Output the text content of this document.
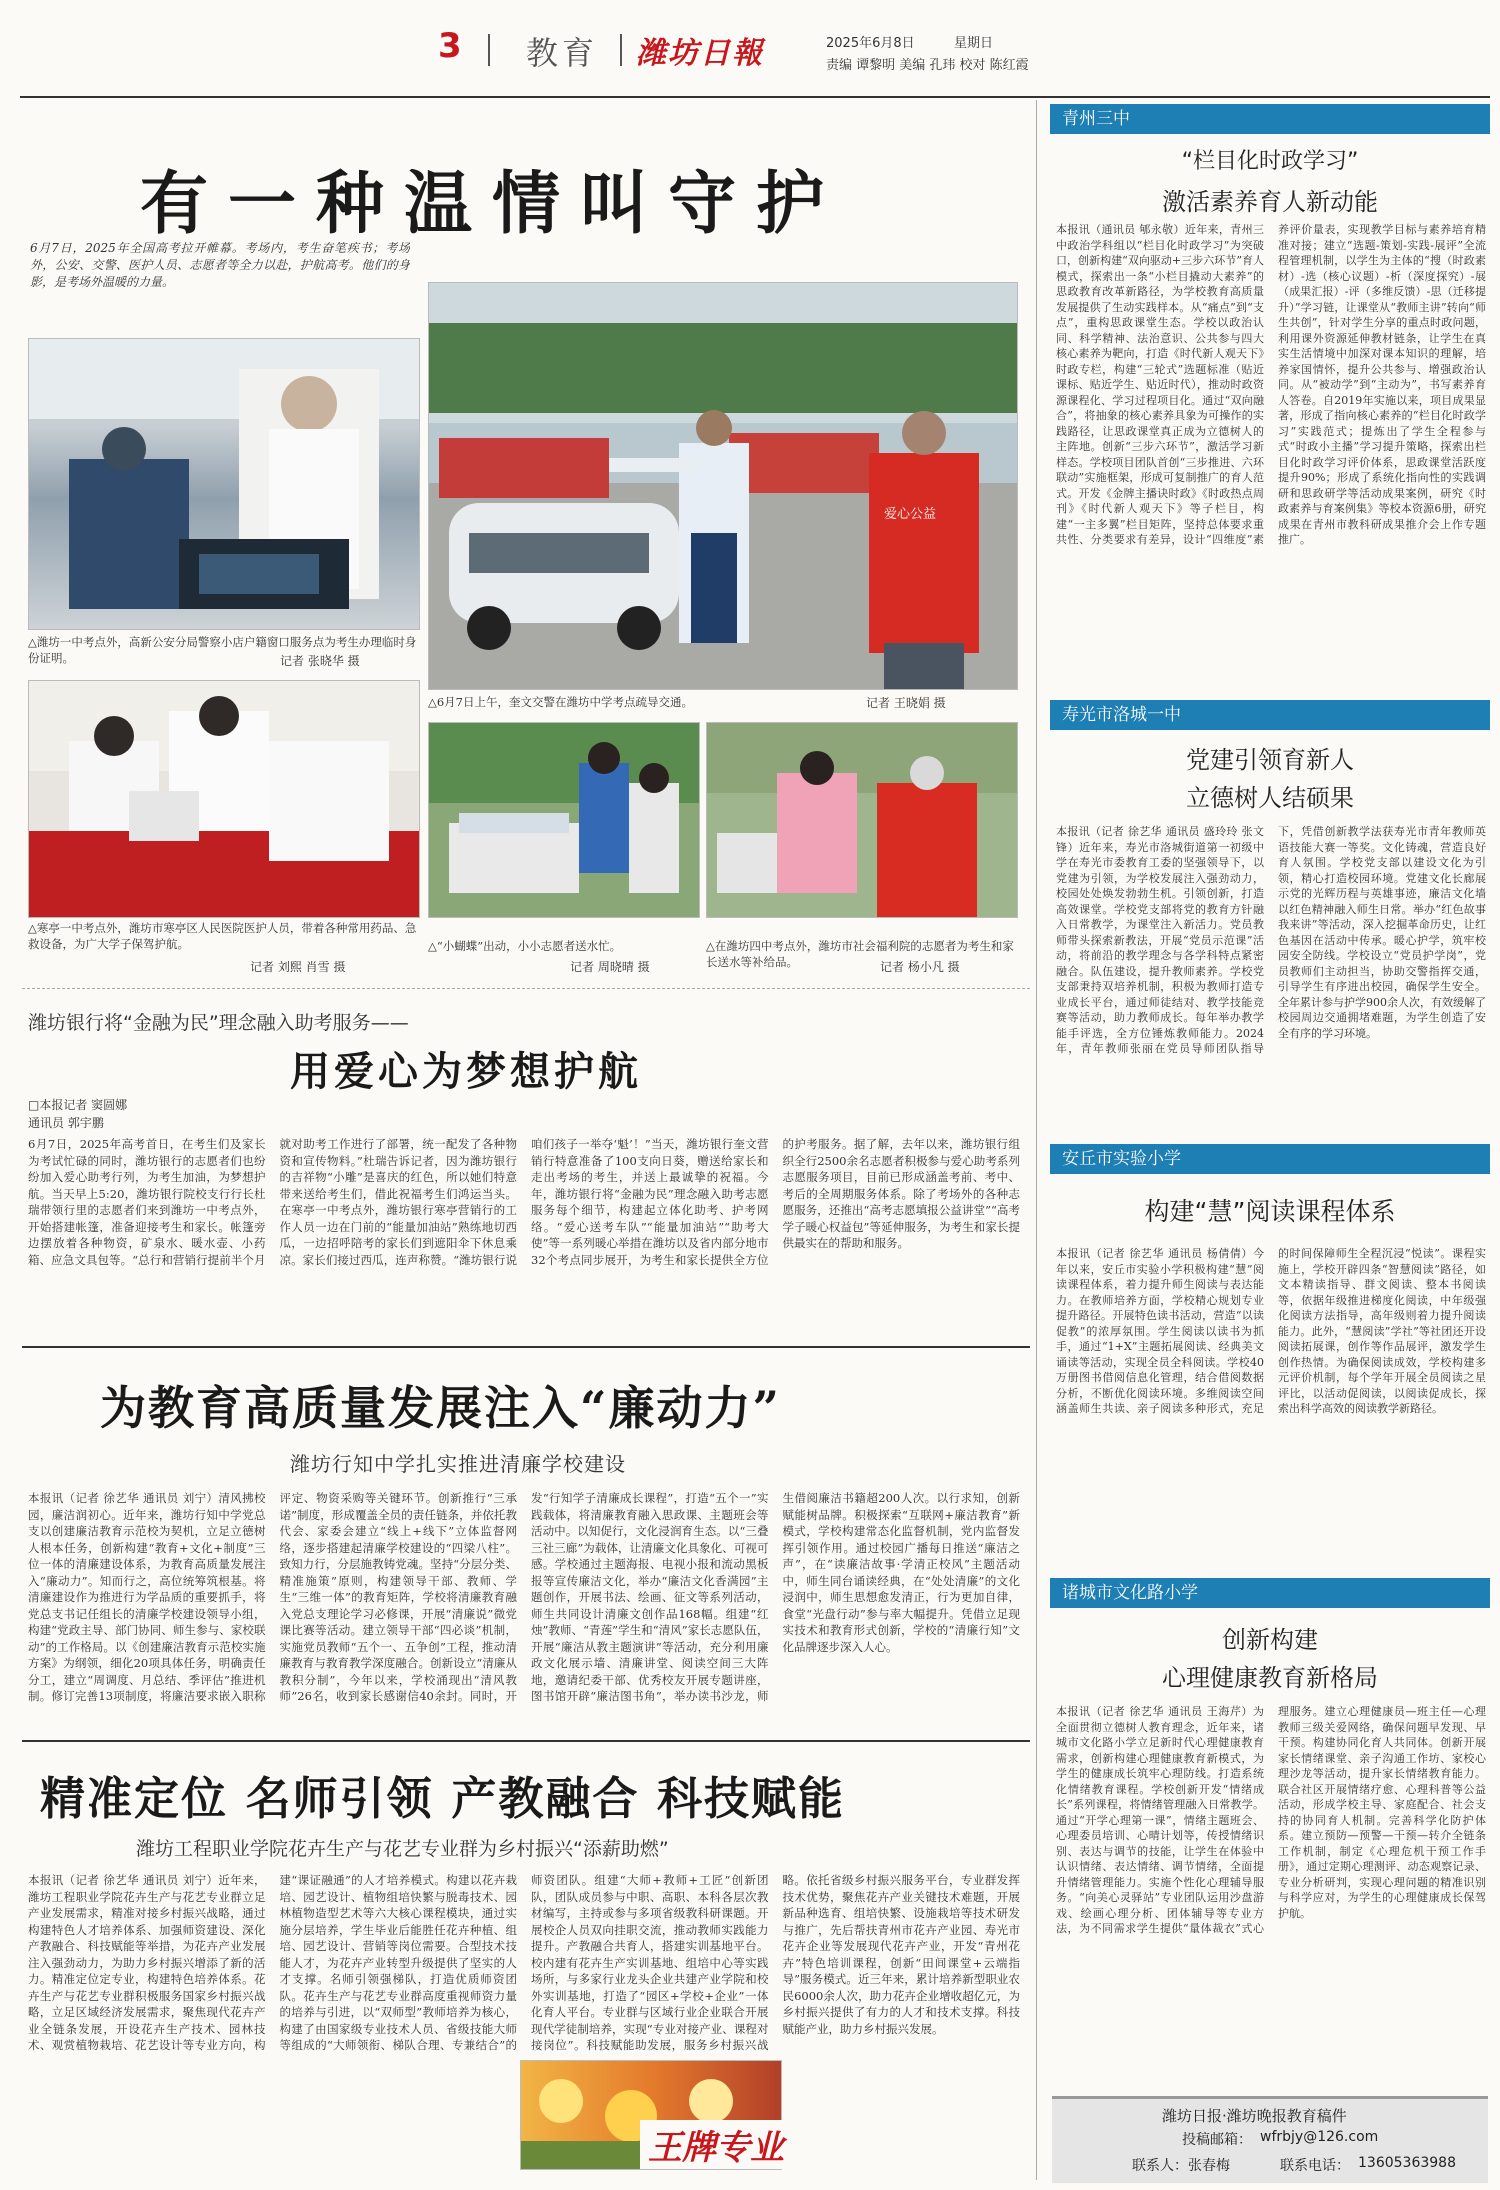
3 教育 潍坊日報	2025年6月8日	星期日
责编 谭黎明 美编 孔玮 校对 陈红霞
有一种温情叫守护
6月7日，2025年全国高考拉开帷幕。考场内，考生奋笔疾书；考场外，公安、交警、医护人员、志愿者等全力以赴，护航高考。他们的身影，是考场外温暖的力量。
△潍坊一中考点外，高新公安分局警察小店户籍窗口服务点为考生办理临时身份证明。	记者 张晓华 摄
爱心公益
△6月7日上午，奎文交警在潍坊中学考点疏导交通。	记者 王晓娟 摄
△寒亭一中考点外，潍坊市寒亭区人民医院医护人员，带着各种常用药品、急救设备，为广大学子保驾护航。
记者 刘熙 肖雪 摄
△“小蝴蝶”出动，小小志愿者送水忙。
记者 周晓晴 摄
△在潍坊四中考点外，潍坊市社会福利院的志愿者为考生和家长送水等补给品。	记者 杨小凡 摄
潍坊银行将“金融为民”理念融入助考服务——
用爱心为梦想护航
□本报记者 窦圆娜
通讯员 郭宇鹏
6月7日，2025年高考首日，在考生们及家长为考试忙碌的同时，潍坊银行的志愿者们也纷纷加入爱心助考行列，为考生加油，为梦想护航。当天早上5:20，潍坊银行院校支行行长杜瑞带领行里的志愿者们来到潍坊一中考点外，开始搭建帐篷，准备迎接考生和家长。帐篷旁边摆放着各种物资，矿泉水、暖水壶、小药箱、应急文具包等。“总行和营销行提前半个月就对助考工作进行了部署，统一配发了各种物资和宣传物料。”杜瑞告诉记者，因为潍坊银行的吉祥物“小雕”是喜庆的红色，所以她们特意带来送给考生们，借此祝福考生们鸿运当头。在寒亭一中考点外，潍坊银行寒亭营销行的工作人员一边在门前的“能量加油站”熟练地切西瓜，一边招呼陪考的家长们到遮阳伞下休息乘凉。家长们接过西瓜，连声称赞。“潍坊银行说咱们孩子一举夺‘魁’！”当天，潍坊银行奎文营销行特意准备了100支向日葵，赠送给家长和走出考场的考生，并送上最诚挚的祝福。今年，潍坊银行将“金融为民”理念融入助考志愿服务每个细节，构建起立体化助考、护考网络。“爱心送考车队”“能量加油站”“助考大使”等一系列暖心举措在潍坊以及省内部分地市32个考点同步展开，为考生和家长提供全方位的护考服务。据了解，去年以来，潍坊银行组织全行2500余名志愿者积极参与爱心助考系列志愿服务项目，目前已形成涵盖考前、考中、考后的全周期服务体系。除了考场外的各种志愿服务，还推出“高考志愿填报公益讲堂”“高考学子暖心权益包”等延伸服务，为考生和家长提供最实在的帮助和服务。
为教育高质量发展注入“廉动力”
潍坊行知中学扎实推进清廉学校建设
本报讯（记者 徐艺华 通讯员 刘宁）清风拂校园，廉洁润初心。近年来，潍坊行知中学党总支以创建廉洁教育示范校为契机，立足立德树人根本任务，创新构建“教育+文化+制度”三位一体的清廉建设体系，为教育高质量发展注入“廉动力”。知而行之，高位统筹筑根基。将清廉建设作为推进行为学品质的重要抓手，将党总支书记任组长的清廉学校建设领导小组，构建“党政主导、部门协同、师生参与、家校联动”的工作格局。以《创建廉洁教育示范校实施方案》为纲领，细化20项具体任务，明确责任分工，建立“周调度、月总结、季评估”推进机制。修订完善13项制度，将廉洁要求嵌入职称评定、物资采购等关键环节。创新推行“三承诺”制度，形成覆盖全员的责任链条，并依托教代会、家委会建立“线上+线下”立体监督网络，逐步搭建起清廉学校建设的“四梁八柱”。致知力行，分层施教铸党魂。坚持“分层分类、精准施策”原则，构建领导干部、教师、学生“三维一体”的教育矩阵，学校将清廉教育融入党总支理论学习必修课，开展“清廉说”微党课比赛等活动。建立领导干部“四必谈”机制，实施党员教师“五个一、五争创”工程，推动清廉教育与教育教学深度融合。创新设立“清廉从教积分制”，今年以来，学校涌现出“清风教师”26名，收到家长感谢信40余封。同时，开发“行知学子清廉成长课程”，打造“五个一”实践载体，将清廉教育融入思政课、主题班会等活动中。以知促行，文化浸润育生态。以“三叠三社三廊”为载体，让清廉文化具象化、可视可感。学校通过主题海报、电视小报和流动黑板报等宣传廉洁文化，举办“廉洁文化香满园”主题创作，开展书法、绘画、征文等系列活动，师生共同设计清廉文创作品168幅。组建“红烛”教师、“青莲”学生和“清风”家长志愿队伍，开展“廉洁从教主题演讲”等活动，充分利用廉政文化展示墙、清廉讲堂、阅读空间三大阵地，邀请纪委干部、优秀校友开展专题讲座，图书馆开辟“廉洁图书角”，举办读书沙龙，师生借阅廉洁书籍超200人次。以行求知，创新赋能树品牌。积极探索“互联网+廉洁教育”新模式，学校构建常态化监督机制，党内监督发挥引领作用。通过校园广播每日推送“廉洁之声”，在“读廉洁故事·学清正校风”主题活动中，师生同台诵读经典，在“处处清廉”的文化浸润中，师生思想愈发清正，行为更加自律，食堂“光盘行动”参与率大幅提升。凭借立足现实技术和教育形式创新，学校的“清廉行知”文化品牌逐步深入人心。
精准定位 名师引领 产教融合 科技赋能
潍坊工程职业学院花卉生产与花艺专业群为乡村振兴“添薪助燃”
本报讯（记者 徐艺华 通讯员 刘宁）近年来，潍坊工程职业学院花卉生产与花艺专业群立足产业发展需求，精准对接乡村振兴战略，通过构建特色人才培养体系、加强师资建设、深化产教融合、科技赋能等举措，为花卉产业发展注入强劲动力，为助力乡村振兴增添了新的活力。精准定位定专业，构建特色培养体系。花卉生产与花艺专业群积极服务国家乡村振兴战略，立足区域经济发展需求，聚焦现代花卉产业全链条发展，开设花卉生产技术、园林技术、观赏植物栽培、花艺设计等专业方向，构建“课证融通”的人才培养模式。构建以花卉栽培、园艺设计、植物组培快繁与脱毒技术、园林植物造型艺术等六大核心课程模块，通过实施分层培养，学生毕业后能胜任花卉种植、组培、园艺设计、营销等岗位需要。合型技术技能人才，为花卉产业转型升级提供了坚实的人才支撑。名师引领强梯队，打造优质师资团队。花卉生产与花艺专业群高度重视师资力量的培养与引进，以“双师型”教师培养为核心，构建了由国家级专业技术人员、省级技能大师等组成的“大师领衔、梯队合理、专兼结合”的师资团队。组建“大师+教师+工匠”创新团队，团队成员参与中职、高职、本科各层次教材编写，主持或参与多项省级教科研课题。开展校企人员双向挂职交流，推动教师实践能力提升。产教融合共育人，搭建实训基地平台。校内建有花卉生产实训基地、组培中心等实践场所，与多家行业龙头企业共建产业学院和校外实训基地，打造了“园区+学校+企业”一体化育人平台。专业群与区域行业企业联合开展现代学徒制培养，实现“专业对接产业、课程对接岗位”。科技赋能助发展，服务乡村振兴战略。依托省级乡村振兴服务平台，专业群发挥技术优势，聚焦花卉产业关键技术难题，开展新品种选育、组培快繁、设施栽培等技术研发与推广，先后帮扶青州市花卉产业园、寿光市花卉企业等发展现代花卉产业，开发“青州花卉”特色培训课程，创新“田间课堂+云端指导”服务模式。近三年来，累计培养新型职业农民6000余人次，助力花卉企业增收超亿元，为乡村振兴提供了有力的人才和技术支撑。科技赋能产业，助力乡村振兴发展。
王牌专业
青州三中
“栏目化时政学习”
激活素养育人新动能
本报讯（通讯员 郇永敬）近年来，青州三中政治学科组以“栏目化时政学习”为突破口，创新构建“双向驱动+三步六环节”育人模式，探索出一条“小栏目撬动大素养”的思政教育改革新路径，为学校教育高质量发展提供了生动实践样本。从“痛点”到“支点”，重构思政课堂生态。学校以政治认同、科学精神、法治意识、公共参与四大核心素养为靶向，打造《时代新人观天下》时政专栏，构建“三轮式”选题标准（贴近课标、贴近学生、贴近时代），推动时政资源课程化、学习过程项目化。通过“双向融合”，将抽象的核心素养具象为可操作的实践路径，让思政课堂真正成为立德树人的主阵地。创新“三步六环节”，激活学习新样态。学校项目团队首创“三步推进、六环联动”实施框架，形成可复制推广的育人范式。开发《金牌主播诀时政》《时政热点周刊》《时代新人观天下》等子栏目，构建“一主多翼”栏目矩阵，坚持总体要求重共性、分类要求有差异，设计“四维度”素养评价量表，实现教学目标与素养培育精准对接；建立“选题-策划-实践-展评”全流程管理机制，以学生为主体的“搜（时政素材）-选（核心议题）-析（深度探究）-展（成果汇报）-评（多维反馈）-思（迁移提升）”学习链，让课堂从“教师主讲”转向“师生共创”，针对学生分享的重点时政问题，利用课外资源延伸教材链条，让学生在真实生活情境中加深对课本知识的理解，培养家国情怀，提升公共参与、增强政治认同。从“被动学”到“主动为”，书写素养育人答卷。自2019年实施以来，项目成果显著，形成了指向核心素养的“栏目化时政学习”实践范式；提炼出了学生全程参与式“时政小主播”学习提升策略，探索出栏目化时政学习评价体系，思政课堂活跃度提升90%；形成了系统化指向性的实践调研和思政研学等活动成果案例，研究《时政素养与育案例集》等校本资源6册，研究成果在青州市教科研成果推介会上作专题推广。
寿光市洛城一中
党建引领育新人
立德树人结硕果
本报讯（记者 徐艺华 通讯员 盛玲玲 张文锋）近年来，寿光市洛城街道第一初级中学在寿光市委教育工委的坚强领导下，以党建为引领，为学校发展注入强劲动力，校园处处焕发勃勃生机。引领创新，打造高效课堂。学校党支部将党的教育方针融入日常教学，为课堂注入新活力。党员教师带头探索新教法，开展“党员示范课”活动，将前沿的教学理念与各学科特点紧密融合。队伍建设，提升教师素养。学校党支部秉持双培养机制，积极为教师打造专业成长平台，通过师徒结对、教学技能竞赛等活动，助力教师成长。每年举办教学能手评选，全方位锤炼教师能力。2024年，青年教师张丽在党员导师团队指导下，凭借创新教学法获寿光市青年教师英语技能大赛一等奖。文化铸魂，营造良好育人氛围。学校党支部以建设文化为引领，精心打造校园环境。党建文化长廊展示党的光辉历程与英雄事迹，廉洁文化墙以红色精神融入师生日常。举办“红色故事我来讲”等活动，深入挖掘革命历史，让红色基因在活动中传承。暖心护学，筑牢校园安全防线。学校设立“党员护学岗”，党员教师们主动担当，协助交警指挥交通，引导学生有序进出校园，确保学生安全。全年累计参与护学900余人次，有效缓解了校园周边交通拥堵难题，为学生创造了安全有序的学习环境。
安丘市实验小学
构建“慧”阅读课程体系
本报讯（记者 徐艺华 通讯员 杨倩倩）今年以来，安丘市实验小学积极构建“慧”阅读课程体系，着力提升师生阅读与表达能力。在教师培养方面，学校精心规划专业提升路径。开展特色读书活动，营造“以读促教”的浓厚氛围。学生阅读以读书为抓手，通过“1+X”主题拓展阅读、经典美文诵读等活动，实现全员全科阅读。学校40万册图书借阅信息化管理，结合借阅数据分析，不断优化阅读环境。多维阅读空间涵盖师生共读、亲子阅读多种形式，充足的时间保障师生全程沉浸“悦读”。课程实施上，学校开辟四条“智慧阅读”路径，如文本精读指导、群文阅读、整本书阅读等，依据年级推进梯度化阅读，中年级强化阅读方法指导，高年级则着力提升阅读能力。此外，“慧阅读”学社”等社团还开设阅读拓展课，创作等作品展评，激发学生创作热情。为确保阅读成效，学校构建多元评价机制，每个学年开展全员阅读之星评比，以活动促阅读，以阅读促成长，探索出科学高效的阅读教学新路径。
诸城市文化路小学
创新构建
心理健康教育新格局
本报讯（记者 徐艺华 通讯员 王海芹）为全面贯彻立德树人教育理念，近年来，诸城市文化路小学立足新时代心理健康教育需求，创新构建心理健康教育新模式，为学生的健康成长筑牢心理防线。打造系统化情绪教育课程。学校创新开发“情绪成长”系列课程，将情绪管理融入日常教学。通过“开学心理第一课”，情绪主题班会、心理委员培训、心晴计划等，传授情绪识别、表达与调节的技能，让学生在体验中认识情绪、表达情绪、调节情绪，全面提升情绪管理能力。实施个性化心理辅导服务。“向美心灵驿站”专业团队运用沙盘游戏、绘画心理分析、团体辅导等专业方法，为不同需求学生提供“量体裁衣”式心理服务。建立心理健康员—班主任—心理教师三级关爱网络，确保问题早发现、早干预。构建协同化育人共同体。创新开展家长情绪课堂、亲子沟通工作坊、家校心理沙龙等活动，提升家长情绪教育能力。联合社区开展情绪疗愈、心理科普等公益活动，形成学校主导、家庭配合、社会支持的协同育人机制。完善科学化防护体系。建立预防—预警—干预—转介全链条工作机制，制定《心理危机干预工作手册》，通过定期心理测评、动态观察记录、专业分析研判，实现心理问题的精准识别与科学应对，为学生的心理健康成长保驾护航。
潍坊日报·潍坊晚报教育稿件
投稿邮箱： wfrbjy@126.com
联系人：张春梅	联系电话： 13605363988
